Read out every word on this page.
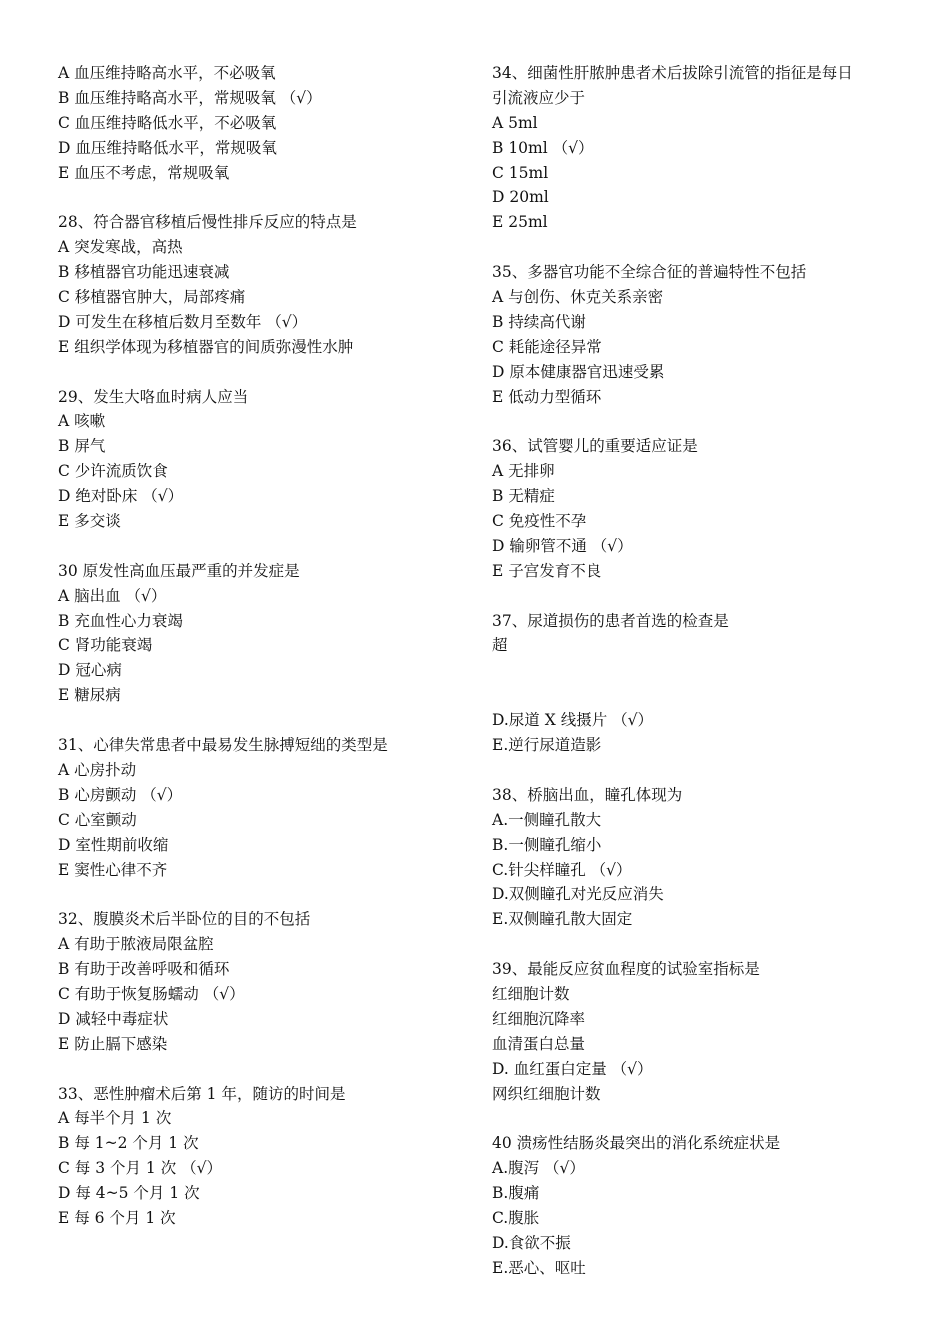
A 血压维持略高水平，不必吸氧
B 血压维持略高水平，常规吸氧 （√）
C 血压维持略低水平，不必吸氧
D 血压维持略低水平，常规吸氧
E 血压不考虑，常规吸氧
28、符合器官移植后慢性排斥反应的特点是
A 突发寒战，高热
B 移植器官功能迅速衰减
C 移植器官肿大，局部疼痛
D 可发生在移植后数月至数年 （√）
E 组织学体现为移植器官的间质弥漫性水肿
29、发生大咯血时病人应当
A 咳嗽
B 屏气
C 少许流质饮食
D 绝对卧床 （√）
E 多交谈
30 原发性高血压最严重的并发症是
A 脑出血 （√）
B 充血性心力衰竭
C 肾功能衰竭
D 冠心病
E 糖尿病
31、心律失常患者中最易发生脉搏短绌的类型是
A 心房扑动
B 心房颤动 （√）
C 心室颤动
D 室性期前收缩
E 窦性心律不齐
32、腹膜炎术后半卧位的目的不包括
A 有助于脓液局限盆腔
B 有助于改善呼吸和循环
C 有助于恢复肠蠕动 （√）
D 减轻中毒症状
E 防止膈下感染
33、恶性肿瘤术后第 1 年，随访的时间是
A 每半个月 1 次
B 每 1~2 个月 1 次
C 每 3 个月 1 次 （√）
D 每 4~5 个月 1 次
E 每 6 个月 1 次
34、细菌性肝脓肿患者术后拔除引流管的指征是每日
引流液应少于
A 5ml
B 10ml （√）
C 15ml
D 20ml
E 25ml
35、多器官功能不全综合征的普遍特性不包括
A 与创伤、休克关系亲密
B 持续高代谢
C 耗能途径异常
D 原本健康器官迅速受累
E 低动力型循环
36、试管婴儿的重要适应证是
A 无排卵
B 无精症
C 免疫性不孕
D 输卵管不通 （√）
E 子宫发育不良
37、尿道损伤的患者首选的检查是
超
D.尿道 X 线摄片 （√）
E.逆行尿道造影
38、桥脑出血，瞳孔体现为
A.一侧瞳孔散大
B.一侧瞳孔缩小
C.针尖样瞳孔 （√）
D.双侧瞳孔对光反应消失
E.双侧瞳孔散大固定
39、最能反应贫血程度的试验室指标是
红细胞计数
红细胞沉降率
血清蛋白总量
D. 血红蛋白定量 （√）
网织红细胞计数
40 溃疡性结肠炎最突出的消化系统症状是
A.腹泻 （√）
B.腹痛
C.腹胀
D.食欲不振
E.恶心、呕吐
